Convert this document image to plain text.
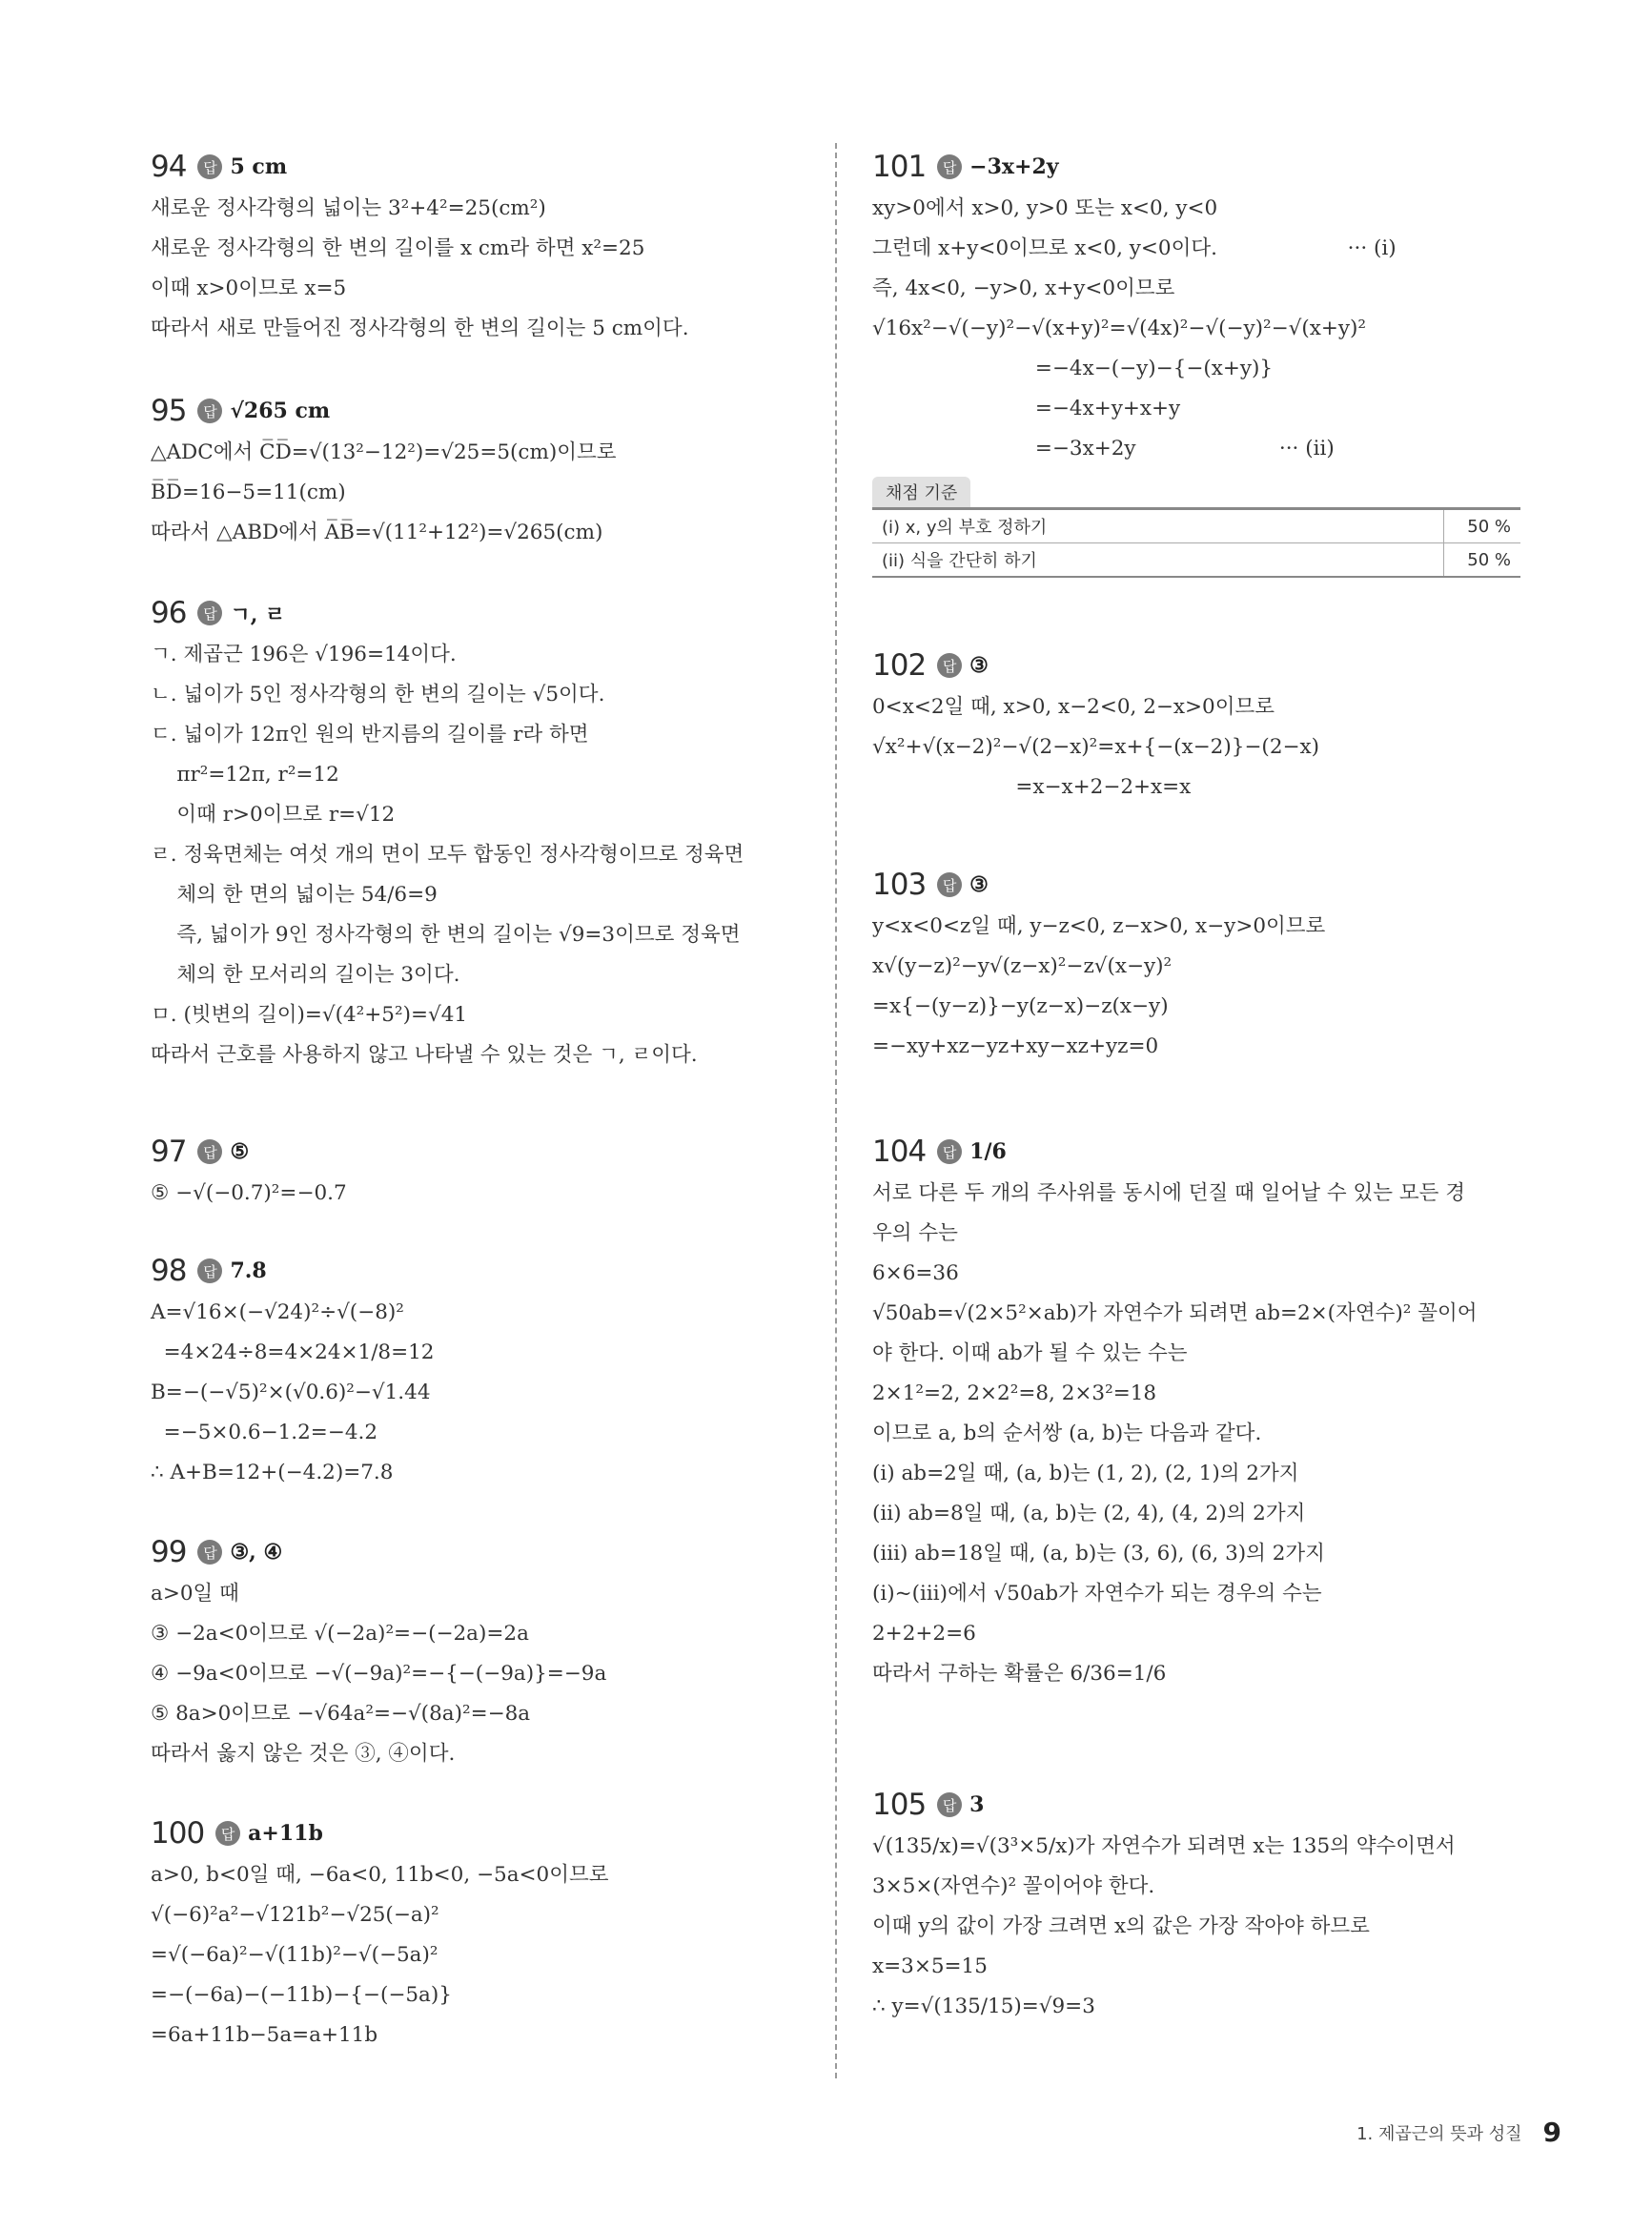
94	답 5 cm
새로운 정사각형의 넓이는 3²+4²=25(cm²)
새로운 정사각형의 한 변의 길이를 x cm라 하면 x²=25
이때 x>0이므로 x=5
따라서 새로 만들어진 정사각형의 한 변의 길이는 5 cm이다.
95	답 √265 cm
△ADC에서 C̅D̅=√(13²−12²)=√25=5(cm)이므로
B̅D̅=16−5=11(cm)
따라서 △ABD에서 A̅B̅=√(11²+12²)=√265(cm)
96	답 ㄱ, ㄹ
ㄱ. 제곱근 196은 √196=14이다.
ㄴ. 넓이가 5인 정사각형의 한 변의 길이는 √5이다.
ㄷ. 넓이가 12π인 원의 반지름의 길이를 r라 하면
πr²=12π, r²=12
이때 r>0이므로 r=√12
ㄹ. 정육면체는 여섯 개의 면이 모두 합동인 정사각형이므로 정육면
체의 한 면의 넓이는 54/6=9
즉, 넓이가 9인 정사각형의 한 변의 길이는 √9=3이므로 정육면
체의 한 모서리의 길이는 3이다.
ㅁ. (빗변의 길이)=√(4²+5²)=√41
따라서 근호를 사용하지 않고 나타낼 수 있는 것은 ㄱ, ㄹ이다.
97	답 ⑤
⑤ −√(−0.7)²=−0.7
98	답 7.8
A=√16×(−√24)²÷√(−8)²
=4×24÷8=4×24×1/8=12
B=−(−√5)²×(√0.6)²−√1.44
=−5×0.6−1.2=−4.2
∴ A+B=12+(−4.2)=7.8
99	답 ③, ④
a>0일 때
③ −2a<0이므로 √(−2a)²=−(−2a)=2a
④ −9a<0이므로 −√(−9a)²=−{−(−9a)}=−9a
⑤ 8a>0이므로 −√64a²=−√(8a)²=−8a
따라서 옳지 않은 것은 ③, ④이다.
100	답 a+11b
a>0, b<0일 때, −6a<0, 11b<0, −5a<0이므로
√(−6)²a²−√121b²−√25(−a)²
=√(−6a)²−√(11b)²−√(−5a)²
=−(−6a)−(−11b)−{−(−5a)}
=6a+11b−5a=a+11b
101	답 −3x+2y
xy>0에서 x>0, y>0 또는 x<0, y<0
그런데 x+y<0이므로 x<0, y<0이다.                    ··· (i)
즉, 4x<0, −y>0, x+y<0이므로
√16x²−√(−y)²−√(x+y)²=√(4x)²−√(−y)²−√(x+y)²
=−4x−(−y)−{−(x+y)}
=−4x+y+x+y
=−3x+2y                      ··· (ii)
채점 기준
(i) x, y의 부호 정하기	50 %
(ii) 식을 간단히 하기	50 %
102	답 ③
0<x<2일 때, x>0, x−2<0, 2−x>0이므로
√x²+√(x−2)²−√(2−x)²=x+{−(x−2)}−(2−x)
=x−x+2−2+x=x
103	답 ③
y<x<0<z일 때, y−z<0, z−x>0, x−y>0이므로
x√(y−z)²−y√(z−x)²−z√(x−y)²
=x{−(y−z)}−y(z−x)−z(x−y)
=−xy+xz−yz+xy−xz+yz=0
104	답 1/6
서로 다른 두 개의 주사위를 동시에 던질 때 일어날 수 있는 모든 경
우의 수는
6×6=36
√50ab=√(2×5²×ab)가 자연수가 되려면 ab=2×(자연수)² 꼴이어
야 한다. 이때 ab가 될 수 있는 수는
2×1²=2, 2×2²=8, 2×3²=18
이므로 a, b의 순서쌍 (a, b)는 다음과 같다.
(i) ab=2일 때, (a, b)는 (1, 2), (2, 1)의 2가지
(ii) ab=8일 때, (a, b)는 (2, 4), (4, 2)의 2가지
(iii) ab=18일 때, (a, b)는 (3, 6), (6, 3)의 2가지
(i)~(iii)에서 √50ab가 자연수가 되는 경우의 수는
2+2+2=6
따라서 구하는 확률은 6/36=1/6
105	답 3
√(135/x)=√(3³×5/x)가 자연수가 되려면 x는 135의 약수이면서
3×5×(자연수)² 꼴이어야 한다.
이때 y의 값이 가장 크려면 x의 값은 가장 작아야 하므로
x=3×5=15
∴ y=√(135/15)=√9=3
1. 제곱근의 뜻과 성질 9
